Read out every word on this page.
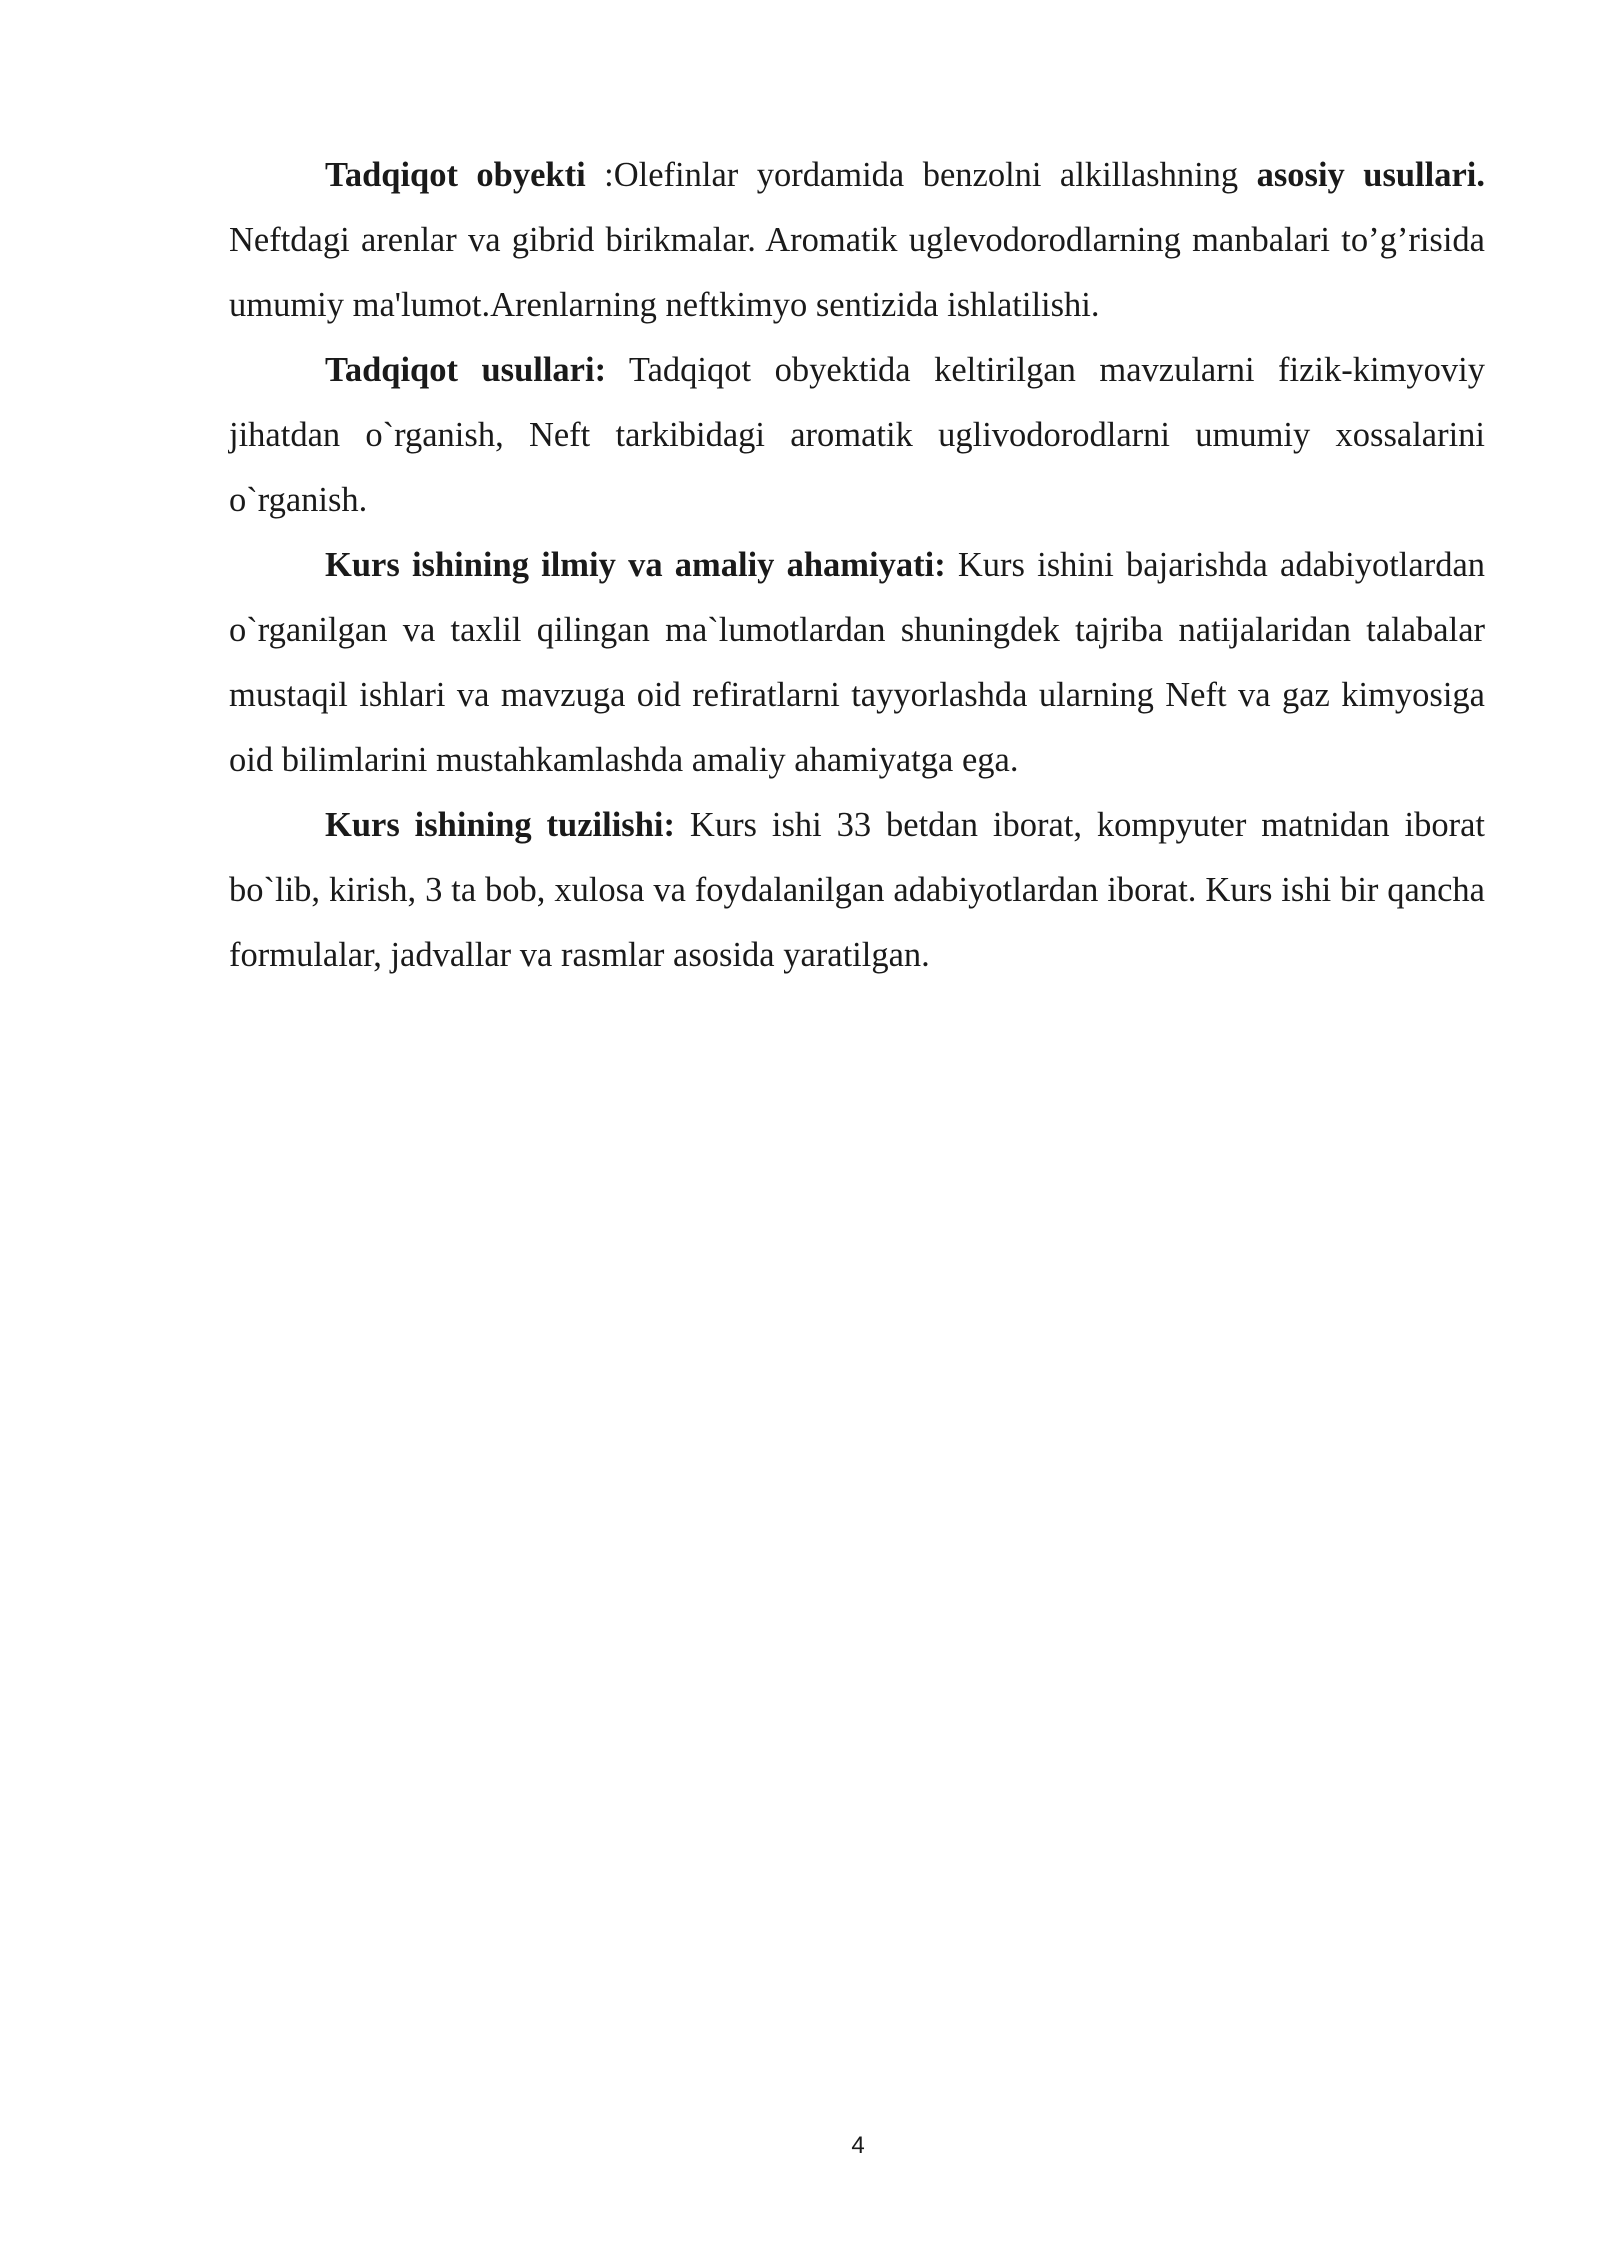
Tadqiqot obyekti :Olefinlar yordamida benzolni alkillashning asosiy usullari. Neftdagi arenlar va gibrid birikmalar. Aromatik uglevodorodlarning manbalari to’g’risida umumiy ma'lumot.Arenlarning neftkimyo sentizida ishlatilishi.

Tadqiqot usullari: Tadqiqot obyektida keltirilgan mavzularni fizik-kimyoviy jihatdan o`rganish, Neft tarkibidagi aromatik uglivodorodlarni umumiy xossalarini o`rganish.

Kurs ishining ilmiy va amaliy ahamiyati: Kurs ishini bajarishda adabiyotlardan o`rganilgan va taxlil qilingan ma`lumotlardan shuningdek tajriba natijalaridan talabalar mustaqil ishlari va mavzuga oid refiratlarni tayyorlashda ularning Neft va gaz kimyosiga oid bilimlarini mustahkamlashda amaliy ahamiyatga ega.

Kurs ishining tuzilishi: Kurs ishi 33 betdan iborat, kompyuter matnidan iborat bo`lib, kirish, 3 ta bob, xulosa va foydalanilgan adabiyotlardan iborat. Kurs ishi bir qancha formulalar, jadvallar va rasmlar asosida yaratilgan.

4
